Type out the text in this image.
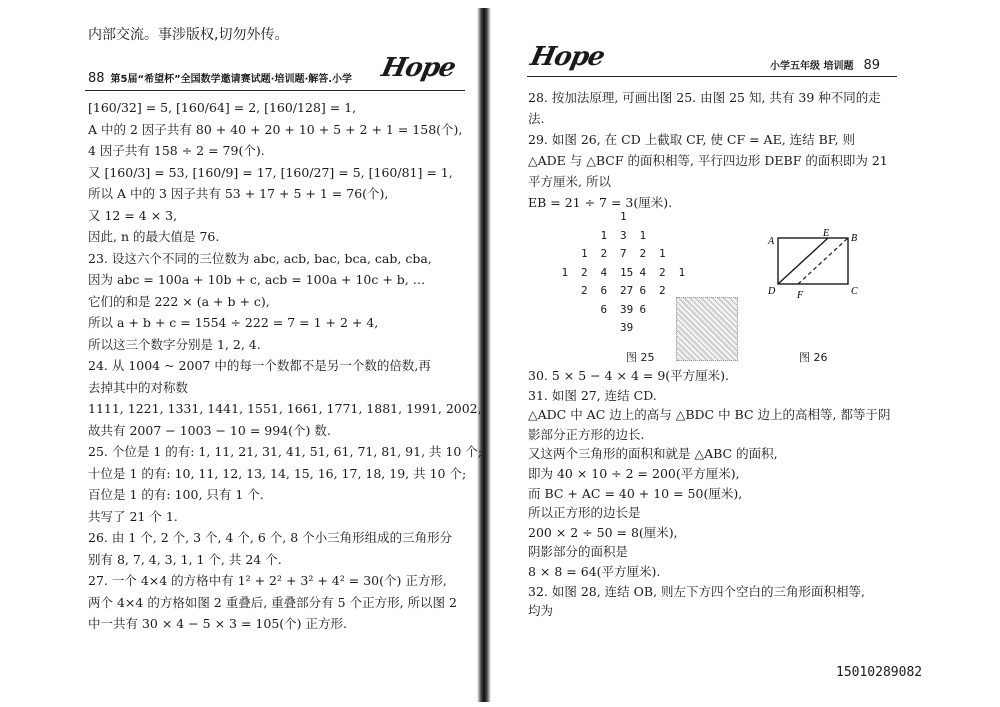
内部交流。事涉版权,切勿外传。
88 第5届“希望杯”全国数学邀请赛试题·培训题·解答.小学	Hope
[160/32] = 5, [160/64] = 2, [160/128] = 1,
A 中的 2 因子共有 80 + 40 + 20 + 10 + 5 + 2 + 1 = 158(个),
4 因子共有 158 ÷ 2 = 79(个).
又 [160/3] = 53, [160/9] = 17, [160/27] = 5, [160/81] = 1,
所以 A 中的 3 因子共有 53 + 17 + 5 + 1 = 76(个),
又 12 = 4 × 3,
因此, n 的最大值是 76.
23. 设这六个不同的三位数为 abc, acb, bac, bca, cab, cba,
因为 abc = 100a + 10b + c, acb = 100a + 10c + b, …
它们的和是 222 × (a + b + c),
所以 a + b + c = 1554 ÷ 222 = 7 = 1 + 2 + 4,
所以这三个数字分别是 1, 2, 4.
24. 从 1004 ~ 2007 中的每一个数都不是另一个数的倍数,再
去掉其中的对称数
1111, 1221, 1331, 1441, 1551, 1661, 1771, 1881, 1991, 2002,
故共有 2007 − 1003 − 10 = 994(个) 数.
25. 个位是 1 的有: 1, 11, 21, 31, 41, 51, 61, 71, 81, 91, 共 10 个;
十位是 1 的有: 10, 11, 12, 13, 14, 15, 16, 17, 18, 19, 共 10 个;
百位是 1 的有: 100, 只有 1 个.
共写了 21 个 1.
26. 由 1 个, 2 个, 3 个, 4 个, 6 个, 8 个小三角形组成的三角形分
别有 8, 7, 4, 3, 1, 1 个, 共 24 个.
27. 一个 4×4 的方格中有 1² + 2² + 3² + 4² = 30(个) 正方形,
两个 4×4 的方格如图 2 重叠后, 重叠部分有 5 个正方形, 所以图 2
中一共有 30 × 4 − 5 × 3 = 105(个) 正方形.
Hope	小学五年级 培训题 89
28. 按加法原理, 可画出图 25. 由图 25 知, 共有 39 种不同的走
法.
29. 如图 26, 在 CD 上截取 CF, 使 CF = AE, 连结 BF, 则
△ADE 与 △BCF 的面积相等, 平行四边形 DEBF 的面积即为 21
平方厘米, 所以
EB = 21 ÷ 7 = 3(厘米).
1
1 3 1
1 2 7 2 1
1 2 4 15 4 2 1
2 6 27 6 2
6 39 6
39
图 25
A
E B
D F	C
图 26
30. 5 × 5 − 4 × 4 = 9(平方厘米).
31. 如图 27, 连结 CD.
△ADC 中 AC 边上的高与 △BDC 中 BC 边上的高相等, 都等于阴
影部分正方形的边长.
又这两个三角形的面积和就是 △ABC 的面积,
即为 40 × 10 ÷ 2 = 200(平方厘米),
而 BC + AC = 40 + 10 = 50(厘米),
所以正方形的边长是
200 × 2 ÷ 50 = 8(厘米),
阴影部分的面积是
8 × 8 = 64(平方厘米).
32. 如图 28, 连结 OB, 则左下方四个空白的三角形面积相等,
均为
15010289082
